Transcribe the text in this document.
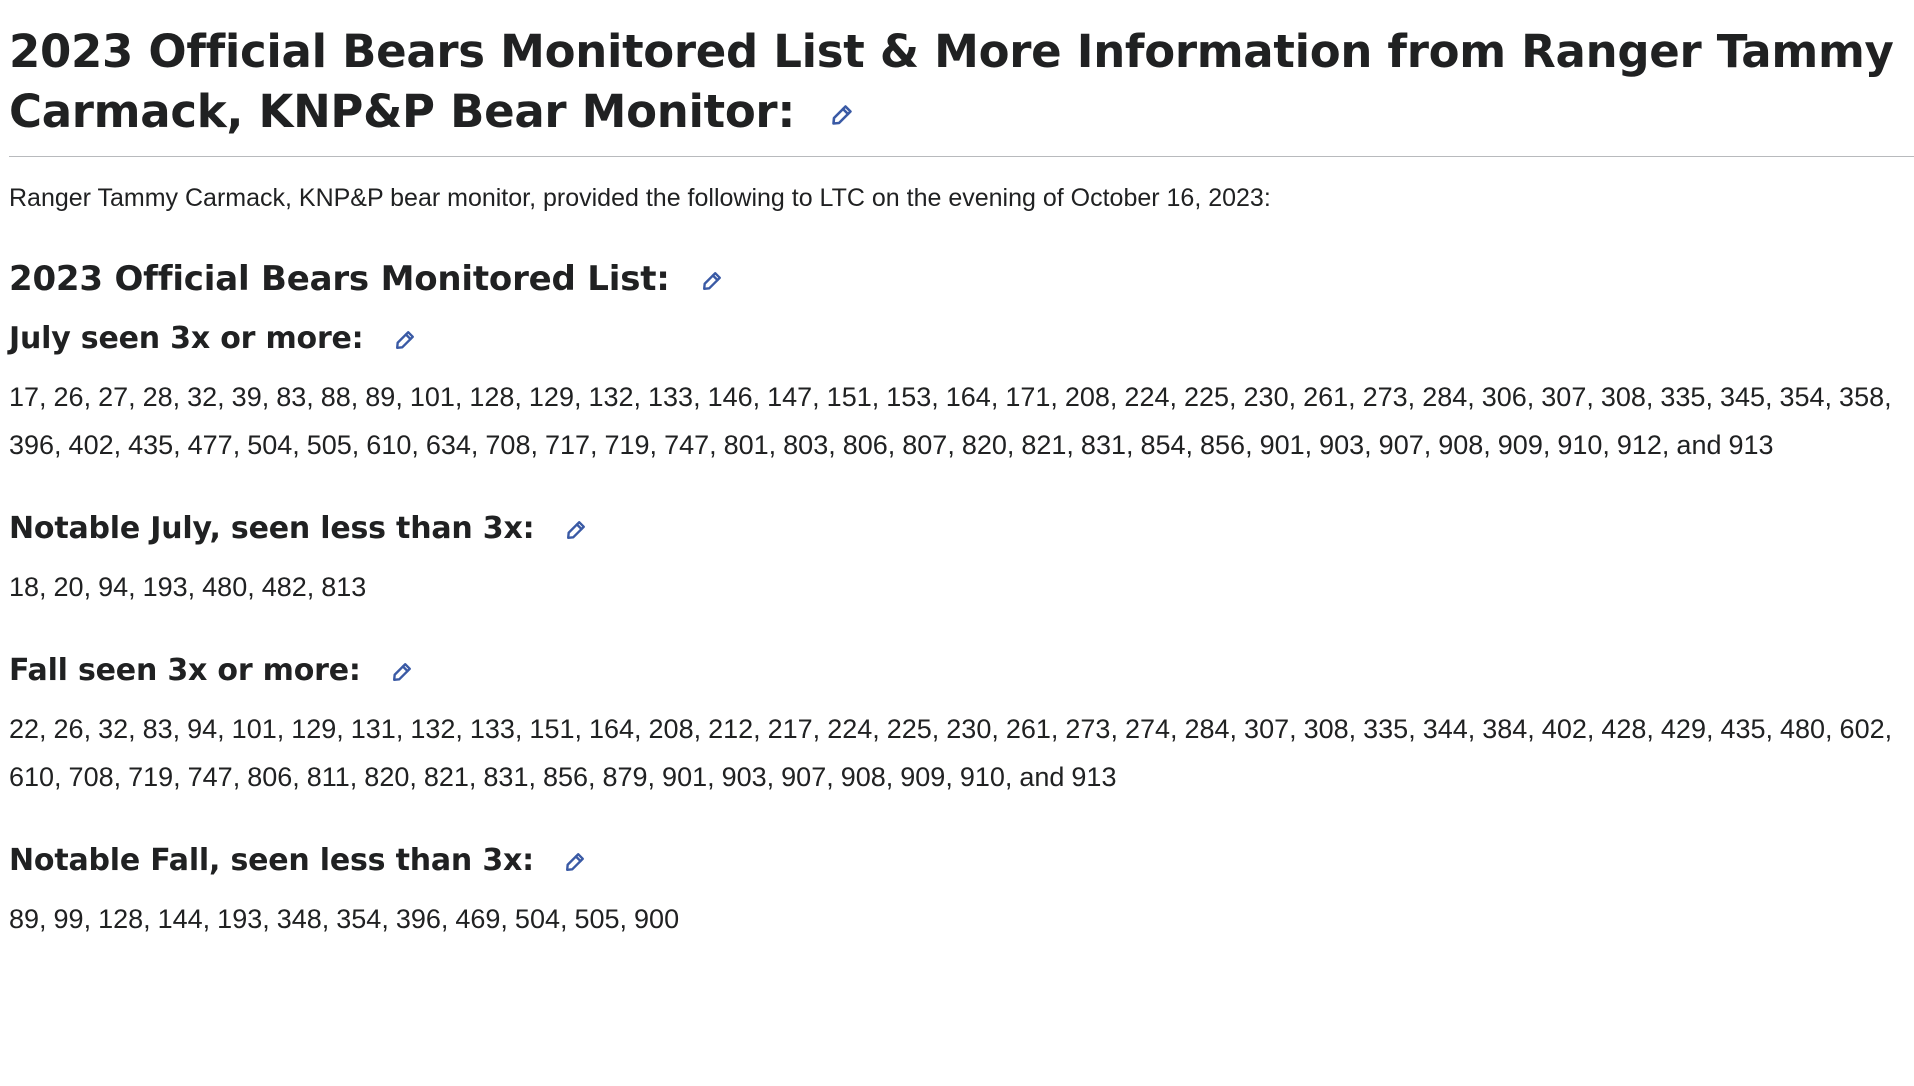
2023 Official Bears Monitored List & More Information from Ranger Tammy Carmack, KNP&P Bear Monitor:

Ranger Tammy Carmack, KNP&P bear monitor, provided the following to LTC on the evening of October 16, 2023:

2023 Official Bears Monitored List:
July seen 3x or more:

17, 26, 27, 28, 32, 39, 83, 88, 89, 101, 128, 129, 132, 133, 146, 147, 151, 153, 164, 171, 208, 224, 225, 230, 261, 273, 284, 306, 307, 308, 335, 345, 354, 358, 396, 402, 435, 477, 504, 505, 610, 634, 708, 717, 719, 747, 801, 803, 806, 807, 820, 821, 831, 854, 856, 901, 903, 907, 908, 909, 910, 912, and 913

Notable July, seen less than 3x:

18, 20, 94, 193, 480, 482, 813

Fall seen 3x or more:

22, 26, 32, 83, 94, 101, 129, 131, 132, 133, 151, 164, 208, 212, 217, 224, 225, 230, 261, 273, 274, 284, 307, 308, 335, 344, 384, 402, 428, 429, 435, 480, 602, 610, 708, 719, 747, 806, 811, 820, 821, 831, 856, 879, 901, 903, 907, 908, 909, 910, and 913

Notable Fall, seen less than 3x:

89, 99, 128, 144, 193, 348, 354, 396, 469, 504, 505, 900
